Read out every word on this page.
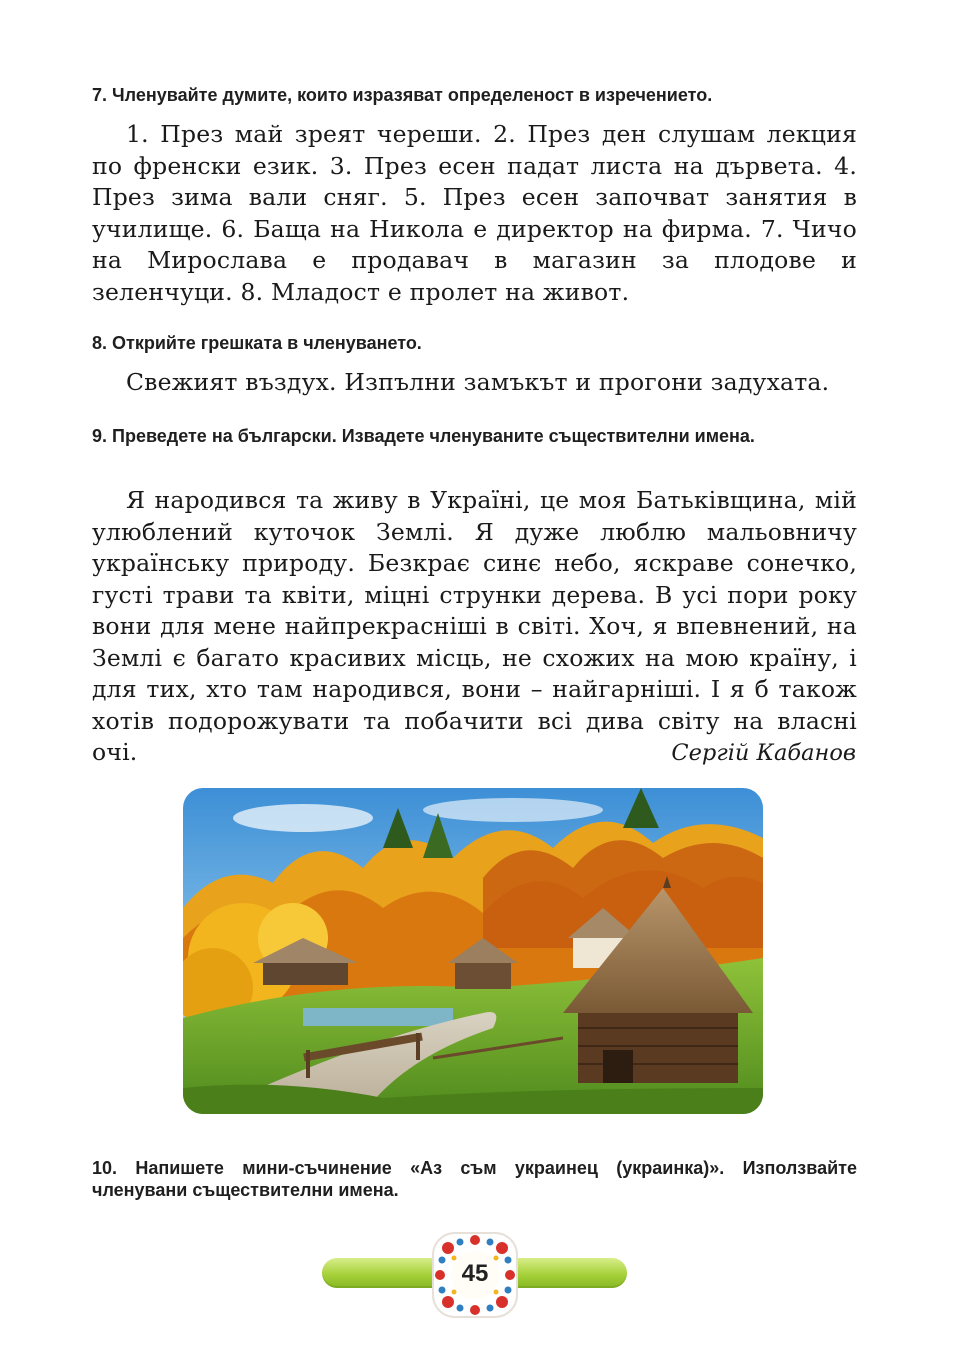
7. Членувайте думите, които изразяват определеност в изречението.

1. През май зреят череши. 2. През ден слушам лекция по френски език. 3. През есен падат листа на дървета. 4. През зима вали сняг. 5. През есен започват занятия в училище. 6. Баща на Никола е директор на фирма. 7. Чичо на Мирослава е продавач в магазин за плодове и зеленчуци. 8. Младост е пролет на живот.

8. Открийте грешката в членуването.

Свежият въздух. Изпълни замъкът и прогони задухата.

9. Преведете на български. Извадете членуваните съществителни имена.

Я народився та живу в Україні, це моя Батьківщина, мій улюблений куточок Землі. Я дуже люблю мальовничу українську природу. Безкрає синє небо, яскраве сонечко, густі трави та квіти, міцні струнки дерева. В усі пори року вони для мене найпрекрасніші в світі. Хоч, я впевнений, на Землі є багато красивих місць, не схожих на мою країну, і для тих, хто там народився, вони – найгарніші. І я б також хотів подорожувати та побачити всі дива світу на власні очі.	Сергій Кабанов

10. Напишете мини-съчинение «Аз съм украинец (украинка)». Използвайте членувани съществителни имена.

45
